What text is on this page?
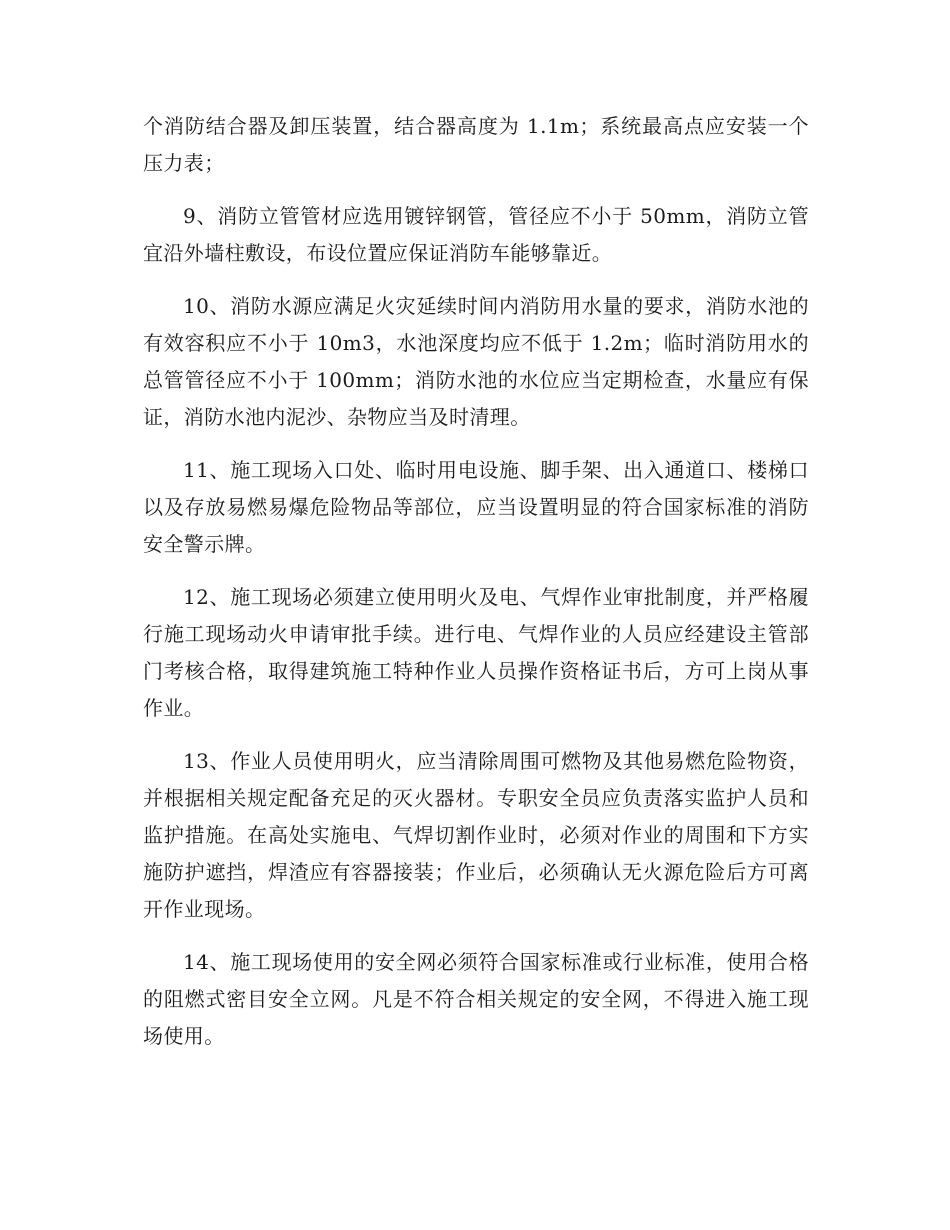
个消防结合器及卸压装置，结合器高度为 1.1m；系统最高点应安装一个压力表；

9、消防立管管材应选用镀锌钢管，管径应不小于 50mm，消防立管宜沿外墙柱敷设，布设位置应保证消防车能够靠近。

10、消防水源应满足火灾延续时间内消防用水量的要求，消防水池的有效容积应不小于 10m3，水池深度均应不低于 1.2m；临时消防用水的总管管径应不小于 100mm；消防水池的水位应当定期检查，水量应有保证，消防水池内泥沙、杂物应当及时清理。

11、施工现场入口处、临时用电设施、脚手架、出入通道口、楼梯口以及存放易燃易爆危险物品等部位，应当设置明显的符合国家标准的消防安全警示牌。

12、施工现场必须建立使用明火及电、气焊作业审批制度，并严格履行施工现场动火申请审批手续。进行电、气焊作业的人员应经建设主管部门考核合格，取得建筑施工特种作业人员操作资格证书后，方可上岗从事作业。

13、作业人员使用明火，应当清除周围可燃物及其他易燃危险物资，并根据相关规定配备充足的灭火器材。专职安全员应负责落实监护人员和监护措施。在高处实施电、气焊切割作业时，必须对作业的周围和下方实施防护遮挡，焊渣应有容器接装；作业后，必须确认无火源危险后方可离开作业现场。

14、施工现场使用的安全网必须符合国家标准或行业标准，使用合格的阻燃式密目安全立网。凡是不符合相关规定的安全网，不得进入施工现场使用。
